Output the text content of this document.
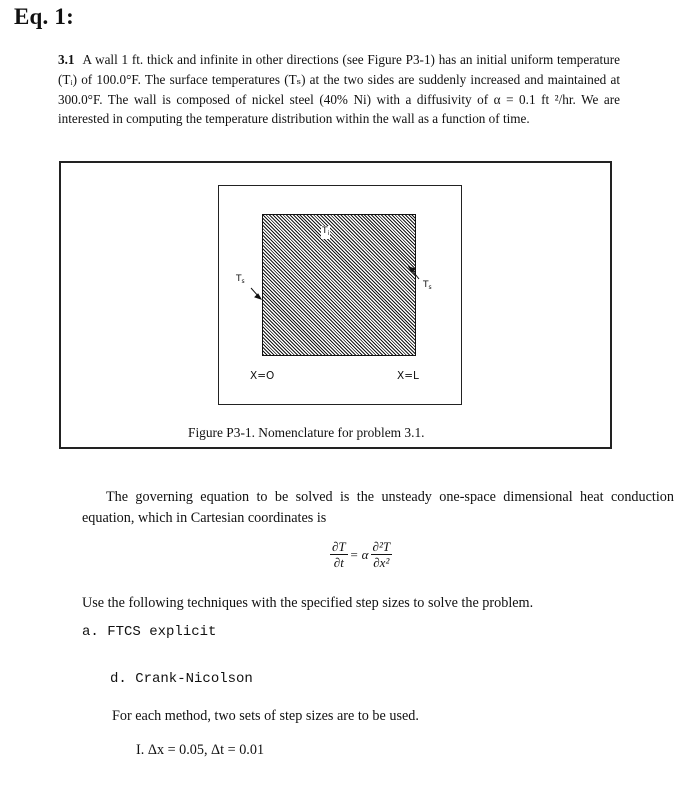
Eq. 1:
3.1 A wall 1 ft. thick and infinite in other directions (see Figure P3-1) has an initial uniform temperature (Tᵢ) of 100.0°F. The surface temperatures (Tₛ) at the two sides are suddenly increased and maintained at 300.0°F. The wall is composed of nickel steel (40% Ni) with a diffusivity of α = 0.1 ft ²/hr. We are interested in computing the temperature distribution within the wall as a function of time.
$T_i$
$T_s$	$T_s$
X=O	X=L
Figure P3-1. Nomenclature for problem 3.1.
The governing equation to be solved is the unsteady one-space dimensional heat conduction equation, which in Cartesian coordinates is
$\frac{\partial T}{\partial t} = \alpha \frac{\text{∂²T}}{\text{∂x²}}$
Use the following techniques with the specified step sizes to solve the problem.
a. FTCS explicit
d. Crank-Nicolson
For each method, two sets of step sizes are to be used.
I. Δx = 0.05, Δt = 0.01
